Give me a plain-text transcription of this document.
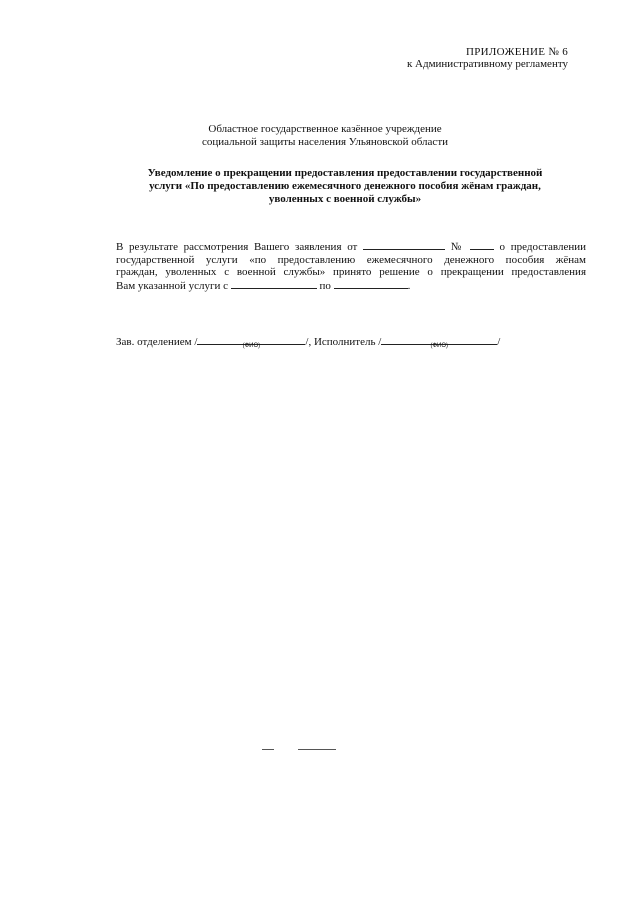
ПРИЛОЖЕНИЕ № 6
к Административному регламенту
Областное государственное казённое учреждение
социальной защиты населения Ульяновской области
Уведомление о прекращении предоставления предоставлении государственной
услуги «По предоставлению ежемесячного денежного пособия жёнам граждан,
уволенных с военной службы»
В результате рассмотрения Вашего заявления от	№	о предоставлении
государственной услуги «по предоставлению ежемесячного денежного пособия жёнам
граждан, уволенных с военной службы» принято решение о прекращении предоставления
Вам указанной услуги с	по	.
Зав. отделением /	(ФИО)	/, Исполнитель /	(ФИО)	/
